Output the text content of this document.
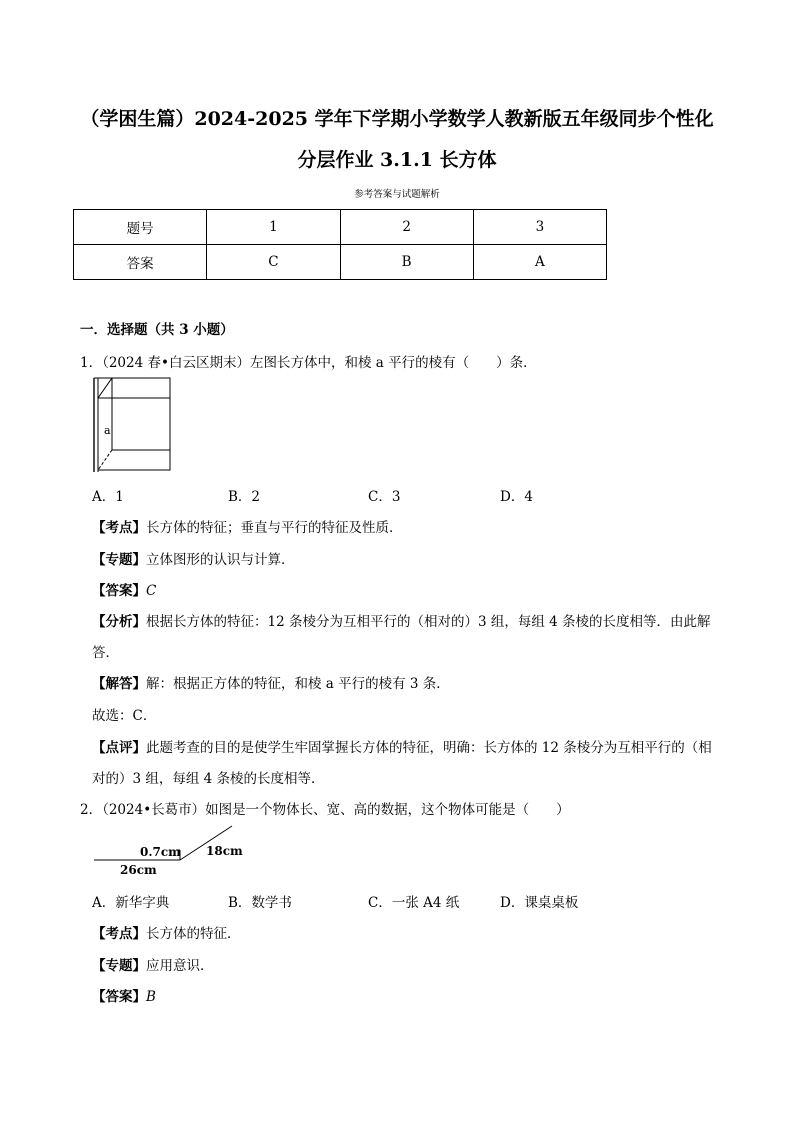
（学困生篇）2024-2025 学年下学期小学数学人教新版五年级同步个性化
分层作业 3.1.1 长方体
参考答案与试题解析
题号	1	2	3
答案	C	B	A
一．选择题（共 3 小题）
1．（2024 春•白云区期末）左图长方体中，和棱 a 平行的棱有（　　）条．
a
A．1	B．2	C．3	D．4
【考点】长方体的特征；垂直与平行的特征及性质．
【专题】立体图形的认识与计算．
【答案】C
【分析】根据长方体的特征：12 条棱分为互相平行的（相对的）3 组，每组 4 条棱的长度相等．由此解
答．
【解答】解：根据正方体的特征，和棱 a 平行的棱有 3 条．
故选：C．
【点评】此题考查的目的是使学生牢固掌握长方体的特征，明确：长方体的 12 条棱分为互相平行的（相
对的）3 组，每组 4 条棱的长度相等．
2．（2024•长葛市）如图是一个物体长、宽、高的数据，这个物体可能是（　　）
0.7cm 18cm
26cm
A．新华字典	B．数学书	C．一张 A4 纸	D．课桌桌板
【考点】长方体的特征．
【专题】应用意识．
【答案】B
